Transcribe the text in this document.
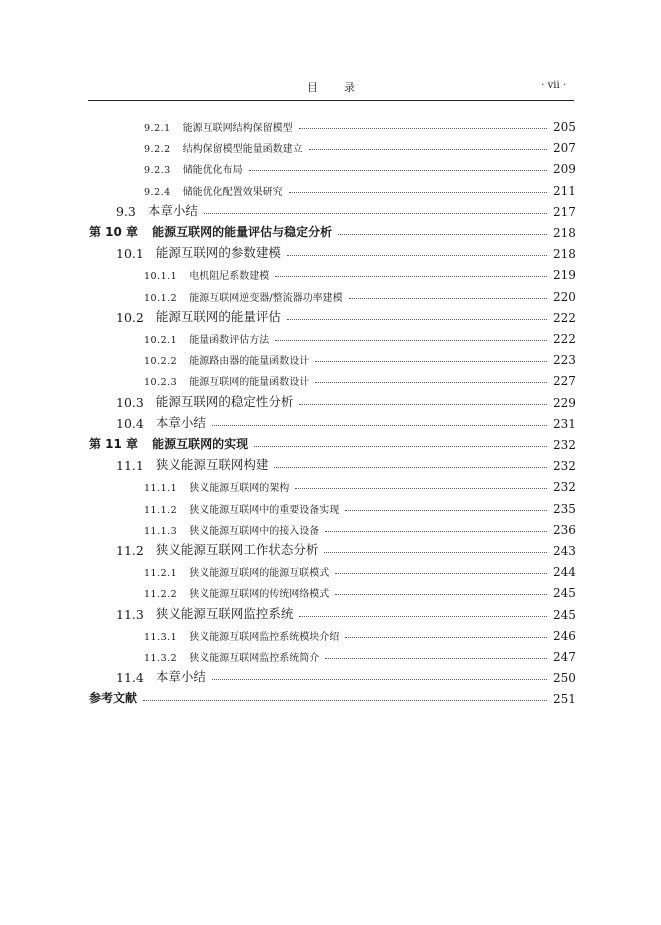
目录	· vii ·
9.2.1 能源互联网结构保留模型	205
9.2.2 结构保留模型能量函数建立	207
9.2.3 储能优化布局	209
9.2.4 储能优化配置效果研究	211
9.3 本章小结	217
第 10 章 能源互联网的能量评估与稳定分析	218
10.1 能源互联网的参数建模	218
10.1.1 电机阻尼系数建模	219
10.1.2 能源互联网逆变器/整流器功率建模	220
10.2 能源互联网的能量评估	222
10.2.1 能量函数评估方法	222
10.2.2 能源路由器的能量函数设计	223
10.2.3 能源互联网的能量函数设计	227
10.3 能源互联网的稳定性分析	229
10.4 本章小结	231
第 11 章 能源互联网的实现	232
11.1 狭义能源互联网构建	232
11.1.1 狭义能源互联网的架构	232
11.1.2 狭义能源互联网中的重要设备实现	235
11.1.3 狭义能源互联网中的接入设备	236
11.2 狭义能源互联网工作状态分析	243
11.2.1 狭义能源互联网的能源互联模式	244
11.2.2 狭义能源互联网的传统网络模式	245
11.3 狭义能源互联网监控系统	245
11.3.1 狭义能源互联网监控系统模块介绍	246
11.3.2 狭义能源互联网监控系统简介	247
11.4 本章小结	250
参考文献	251
